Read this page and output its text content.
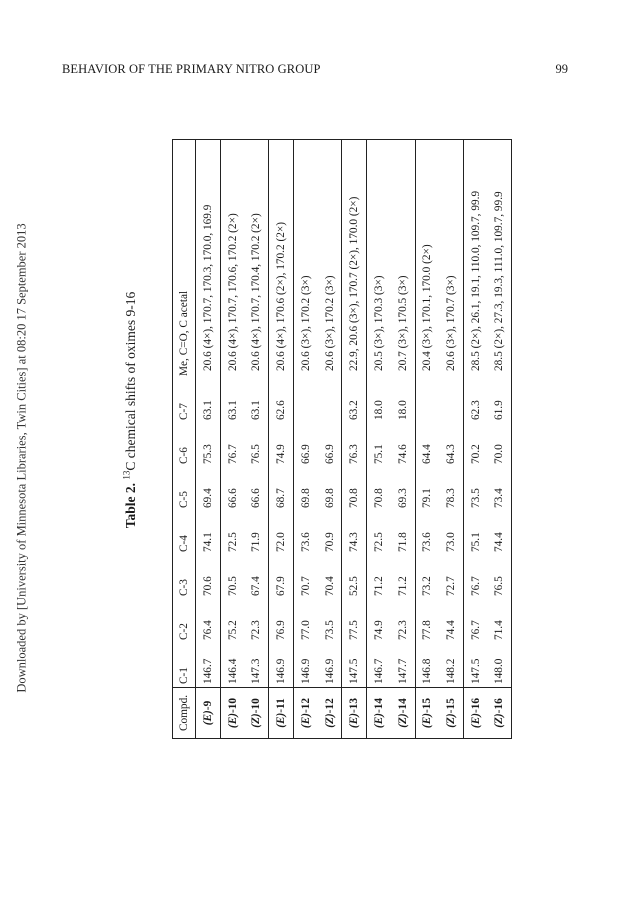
BEHAVIOR OF THE PRIMARY NITRO GROUP	99
Downloaded by [University of Minnesota Libraries, Twin Cities] at 08:20 17 September 2013	Table 2. $^{13}$C chemical shifts of oximes 9-16
Compd.	C-1	C-2	C-3	C-4	C-5	C-6	C-7	Me, C=O, C acetal
(E)-9	146.7	76.4	70.6	74.1	69.4	75.3	63.1	20.6 (4×), 170.7, 170.3, 170.0, 169.9
(E)-10	146.4	75.2	70.5	72.5	66.6	76.7	63.1	20.6 (4×), 170.7, 170.6, 170.2 (2×)
(Z)-10	147.3	72.3	67.4	71.9	66.6	76.5	63.1	20.6 (4×), 170.7, 170.4, 170.2 (2×)
(E)-11	146.9	76.9	67.9	72.0	68.7	74.9	62.6	20.6 (4×), 170.6 (2×), 170.2 (2×)
(E)-12	146.9	77.0	70.7	73.6	69.8	66.9		20.6 (3×), 170.2 (3×)
(Z)-12	146.9	73.5	70.4	70.9	69.8	66.9		20.6 (3×), 170.2 (3×)
(E)-13	147.5	77.5	52.5	74.3	70.8	76.3	63.2	22.9, 20.6 (3×), 170.7 (2×), 170.0 (2×)
(E)-14	146.7	74.9	71.2	72.5	70.8	75.1	18.0	20.5 (3×), 170.3 (3×)
(Z)-14	147.7	72.3	71.2	71.8	69.3	74.6	18.0	20.7 (3×), 170.5 (3×)
(E)-15	146.8	77.8	73.2	73.6	79.1	64.4		20.4 (3×), 170.1, 170.0 (2×)
(Z)-15	148.2	74.4	72.7	73.0	78.3	64.3		20.6 (3×), 170.7 (3×)
(E)-16	147.5	76.7	76.7	75.1	73.5	70.2	62.3	28.5 (2×), 26.1, 19.1, 110.0, 109.7, 99.9
(Z)-16	148.0	71.4	76.5	74.4	73.4	70.0	61.9	28.5 (2×), 27.3, 19.3, 111.0, 109.7, 99.9
